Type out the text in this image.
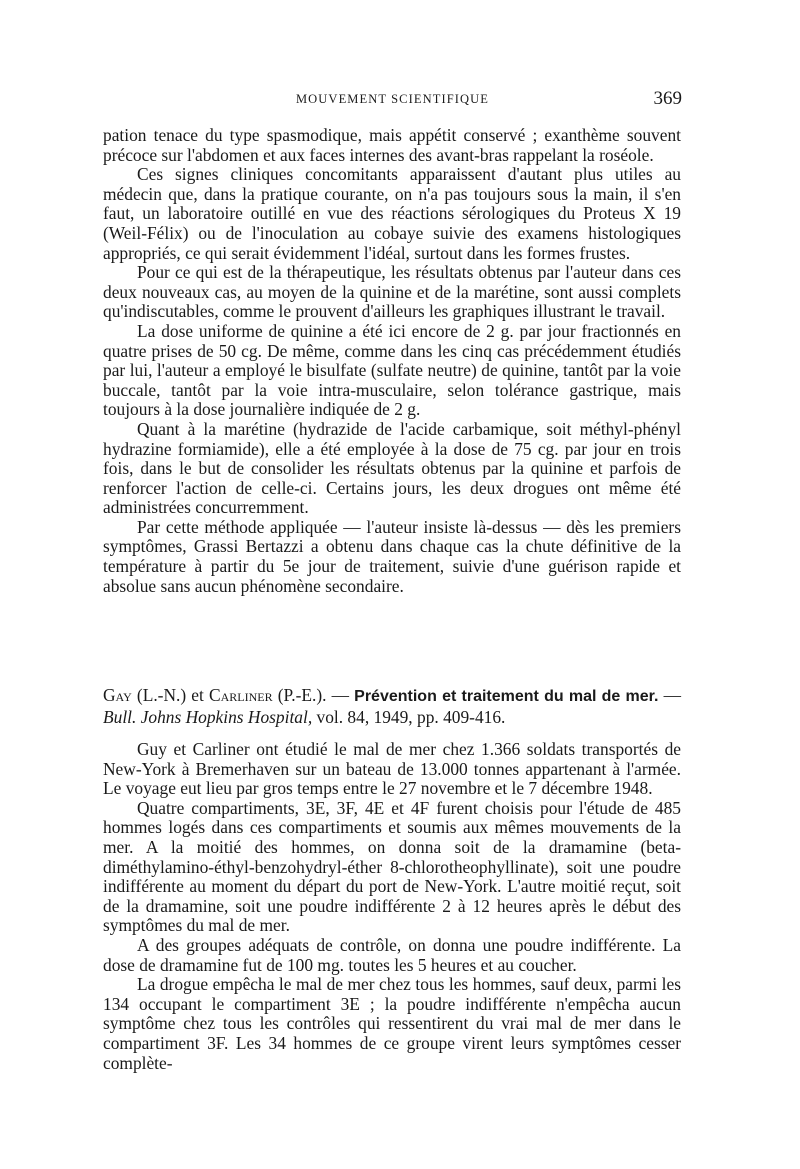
MOUVEMENT SCIENTIFIQUE	369

pation tenace du type spasmodique, mais appétit conservé ; exanthème souvent précoce sur l'abdomen et aux faces internes des avant-bras rappelant la roséole.

Ces signes cliniques concomitants apparaissent d'autant plus utiles au médecin que, dans la pratique courante, on n'a pas toujours sous la main, il s'en faut, un laboratoire outillé en vue des réactions sérologiques du Proteus X 19 (Weil-Félix) ou de l'inoculation au cobaye suivie des examens histologiques appropriés, ce qui serait évidemment l'idéal, surtout dans les formes frustes.

Pour ce qui est de la thérapeutique, les résultats obtenus par l'auteur dans ces deux nouveaux cas, au moyen de la quinine et de la marétine, sont aussi complets qu'indiscutables, comme le prouvent d'ailleurs les graphiques illustrant le travail.

La dose uniforme de quinine a été ici encore de 2 g. par jour fractionnés en quatre prises de 50 cg. De même, comme dans les cinq cas précédemment étudiés par lui, l'auteur a employé le bisulfate (sulfate neutre) de quinine, tantôt par la voie buccale, tantôt par la voie intra-musculaire, selon tolérance gastrique, mais toujours à la dose journalière indiquée de 2 g.

Quant à la marétine (hydrazide de l'acide carbamique, soit méthyl-phényl hydrazine formiamide), elle a été employée à la dose de 75 cg. par jour en trois fois, dans le but de consolider les résultats obtenus par la quinine et parfois de renforcer l'action de celle-ci. Certains jours, les deux drogues ont même été administrées concurremment.

Par cette méthode appliquée — l'auteur insiste là-dessus — dès les premiers symptômes, Grassi Bertazzi a obtenu dans chaque cas la chute définitive de la température à partir du 5e jour de traitement, suivie d'une guérison rapide et absolue sans aucun phénomène secondaire.

Gay (L.-N.) et Carliner (P.-E.). — Prévention et traitement du mal de mer. — Bull. Johns Hopkins Hospital, vol. 84, 1949, pp. 409-416.

Guy et Carliner ont étudié le mal de mer chez 1.366 soldats transportés de New-York à Bremerhaven sur un bateau de 13.000 tonnes appartenant à l'armée. Le voyage eut lieu par gros temps entre le 27 novembre et le 7 décembre 1948.

Quatre compartiments, 3E, 3F, 4E et 4F furent choisis pour l'étude de 485 hommes logés dans ces compartiments et soumis aux mêmes mouvements de la mer. A la moitié des hommes, on donna soit de la dramamine (beta-diméthylamino-éthyl-benzohydryl-éther 8-chlorotheophyllinate), soit une poudre indifférente au moment du départ du port de New-York. L'autre moitié reçut, soit de la dramamine, soit une poudre indifférente 2 à 12 heures après le début des symptômes du mal de mer.

A des groupes adéquats de contrôle, on donna une poudre indifférente. La dose de dramamine fut de 100 mg. toutes les 5 heures et au coucher.

La drogue empêcha le mal de mer chez tous les hommes, sauf deux, parmi les 134 occupant le compartiment 3E ; la poudre indifférente n'empêcha aucun symptôme chez tous les contrôles qui ressentirent du vrai mal de mer dans le compartiment 3F. Les 34 hommes de ce groupe virent leurs symptômes cesser complète-
